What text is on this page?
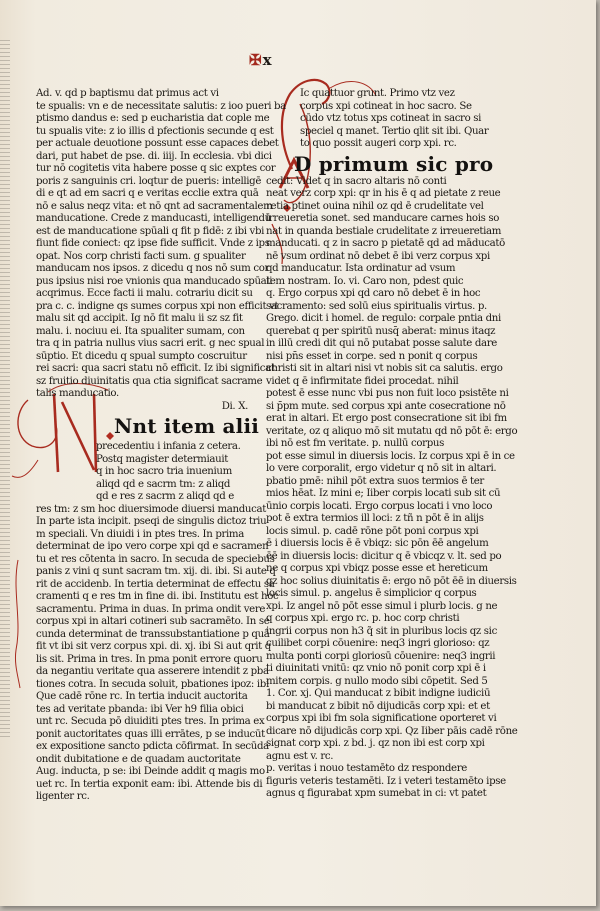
✠x
Ad. v. qd p baptismu dat primus act vi
te spualis: vn e de necessitate salutis: z ioo pueri ba
ptismo dandus e: sed p eucharistia dat cople me
tu spualis vite: z io illis d pfectionis secunde q est
per actuale deuotione possunt esse capaces debet
dari, put habet de pse. di. iiij. In ecclesia. vbi dici
tur nō cogitetis vita habere posse q sic exptes cor
poris z sanguinis cri. loqtur de pueris: intelligē
di e qt ad em sacri q e veritas ecclie extra quā
nō e salus neqz vita: et nō qnt ad sacramentalem
manducatione. Crede z manducasti, intelligendū
est de manducatione spūali q fit p fidē: z ibi vbi
fiunt fide coniect: qz ipse fide sufficit. Vnde z ips
opat. Nos corp christi facti sum. g spualiter
manducam nos ipsos. z dicedu q nos nō sum cor
pus ipsius nisi roe vnionis qua manducado spūali
acqrimus. Ecce facti ii malu. cotrariu dicit su
pra c. c. indigne qs sumes corpus xpi non efficit vt
malu sit qd accipit. Ig nō fit malu ii sz sz fit
malu. i. nociuu ei. Ita spualiter sumam, con
tra q in patria nullus vius sacri erit. g nec spual
sūptio. Et dicedu q spual sumpto coscruitur
rei sacri: qua sacri statu nō efficit. Iz ibi significat:
sz fruitio diuinitatis qua ctia significat sacrame
talis manducatio.
Di. X.
Nnt item alii
precedentiu i infania z cetera.
Postq magister determiauit
q in hoc sacro tria inuenium
aliqd qd e sacrm tm: z aliqd
qd e res z sacrm z aliqd qd e
res tm: z sm hoc diuersimode diuersi manducat
In parte ista incipit. pseqi de singulis dictoz triu
m speciali. Vn diuidi i in ptes tres. In prima
determinat de ipo vero corpe xpi qd e sacramen
tu et res cōtenta in sacro. In secuda de speciebus
panis z vini q sunt sacram tm. xij. di. ibi. Si aute q
rit de accidenb. In tertia determinat de effectu sa
cramenti q e res tm in fine di. ibi. Institutu est hoc
sacramentu. Prima in duas. In prima ondit vere
corpus xpi in altari cotineri sub sacramēto. In se
cunda determinat de transsubstantiatione p quā
fit vt ibi sit verz corpus xpi. di. xj. ibi Si aut qrit q
lis sit. Prima in tres. In pma ponit errore quoru
da negantiu veritate qua asserere intendit z pba
tiones cotra. In secuda soluit, pbationes ipoz: ibi
Que cadē rōne rc. In tertia inducit auctorita
tes ad veritate pbanda: ibi Ver h9 filia obici
unt rc. Secuda pō diuiditi ptes tres. In prima ex
ponit auctoritates quas illi errātes, p se inducūt
ex expositione sancto pdicta cōfirmat. In secūda
ondit dubitatione e de quadam auctoritate
Aug. inducta, p se: ibi Deinde addit q magis mo
uet rc. In tertia exponit eam: ibi. Attende bis di
ligenter rc.
Ic quattuor grunt. Primo vtz vez
corpus xpi cotineat in hoc sacro. Se
cūdo vtz totus xps cotineat in sacro si
speciel q manet. Tertio qlit sit ibi. Quar
to quo possit augeri corp xpi. rc.
D primum sic pro
cedit: Videt q in sacro altaris nō conti
neat verz corp xpi: qr in his ē q ad pietate z reue
retia ptinet ouina nihil oz qd ē crudelitate vel
irreueretia sonet. sed manducare carnes hois so
nat in quanda bestiale crudelitate z irreueretiam
manducati. q z in sacro p pietatē qd ad māducatō
nē vsum ordinat nō debet ē ibi verz corpus xpi
qd manducatur. Ista ordinatur ad vsum
tem nostram. Io. vi. Caro non, pdest quic
q. Ergo corpus xpi qd caro nō debet ē in hoc
sacramento: sed solū eius spiritualis virtus. p.
Grego. dicit i homel. de regulo: corpale pntia dni
querebat q per spiritū nusq̄ aberat: minus itaqz
in illū credi dit qui nō putabat posse salute dare
nisi pn̄s esset in corpe. sed n ponit q corpus
christi sit in altari nisi vt nobis sit ca salutis. ergo
videt q ē infirmitate fidei procedat. nihil
potest ē esse nunc vbi pus non fuit loco psistēte ni
si p̄pm mute. sed corpus xpi ante cosecratione nō
erat in altari. Et ergo post consecratione sit ibi fm
veritate, oz q aliquo mō sit mutatu qd nō pōt ē: ergo
ibi nō est fm veritate. p. nullū corpus
pot esse simul in diuersis locis. Iz corpus xpi ē in ce
lo vere corporalit, ergo videtur q nō sit in altari.
pbatio pmē: nihil pōt extra suos termios ē ter
mios hēat. Iz mini e; Iiber corpis locati sub sit cū
ūnio corpis locati. Ergo corpus locati i vno loco
pot ē extra termios ill loci: z tñ n pōt ē in alijs
locis simul. p. cadē rōne pōt poni corpus xpi
ē i diuersis locis ē ē vbiqz: sic pōn ēē angelum
ēē in diuersis locis: dicitur q ē vbicqz v. lt. sed po
ne q corpus xpi vbiqz posse esse et hereticum
qz hoc solius diuinitatis ē: ergo nō pōt ēē in diuersis
locis simul. p. angelus ē simplicior q corpus
xpi. Iz angel nō pōt esse simul i plurb locis. g ne
q corpus xpi. ergo rc. p. hoc corp christi
ingrii corpus non h3 q̃ sit in pluribus locis qz sic
cuilibet corpi cōuenire: neq3 ingri glorioso: qz
multa ponti corpi gloriosū cōuenire: neq3 ingrii
ti diuinitati vnitū: qz vnio nō ponit corp xpi ē i
mitem corpis. g nullo modo sibi cōpetit. Sed 5
1. Cor. xj. Qui manducat z bibit indigne iudiciū
bi manducat z bibit nō dijudicās corp xpi: et et
corpus xpi ibi fm sola significatione oporteret vi
dicare nō dijudicās corp xpi. Qz Iiber pāis cadē rōne
signat corp xpi. z bd. j. qz non ibi est corp xpi
agnu est v. rc.
p. veritas i nouo testamēto dz respondere
figuris veteris testamēti. Iz i veteri testamēto ipse
agnus q figurabat xpm sumebat in ci: vt patet
